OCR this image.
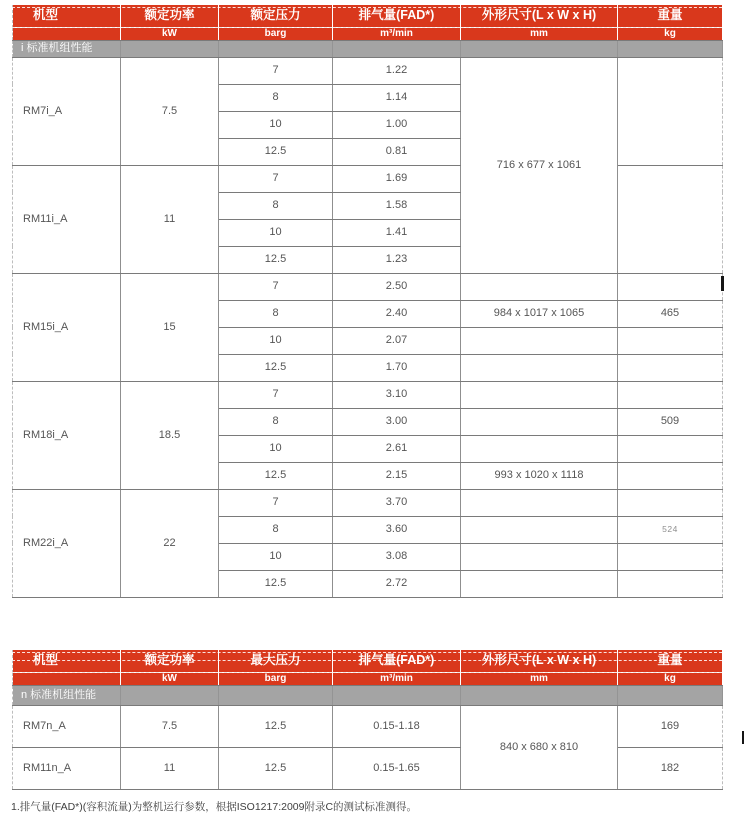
机型	额定功率	额定压力	排气量(FAD*)	外形尺寸(L x W x H)	重量
	kW	barg	m³/min	mm	kg
i 标准机组性能					
RM7i_A	7.5	7	1.22	716 x 677 x 1061	
		8	1.14		
		10	1.00		
		12.5	0.81		
RM11i_A	11	7	1.69		
		8	1.58		
		10	1.41		
		12.5	1.23		
RM15i_A	15	7	2.50		
		8	2.40	984 x 1017 x 1065	465
		10	2.07		
		12.5	1.70		
RM18i_A	18.5	7	3.10		
		8	3.00		509
		10	2.61		
		12.5	2.15	993 x 1020 x 1118	
RM22i_A	22	7	3.70		
		8	3.60		524
		10	3.08		
		12.5	2.72		
机型	额定功率	最大压力	排气量(FAD*)	外形尺寸(L x W x H)	重量
	kW	barg	m³/min	mm	kg
n 标准机组性能					
RM7n_A	7.5	12.5	0.15-1.18	840 x 680 x 810	169
RM11n_A	11	12.5	0.15-1.65		182
1.排气量(FAD*)(容积流量)为整机运行参数，根据ISO1217:2009附录C的测试标准测得。
